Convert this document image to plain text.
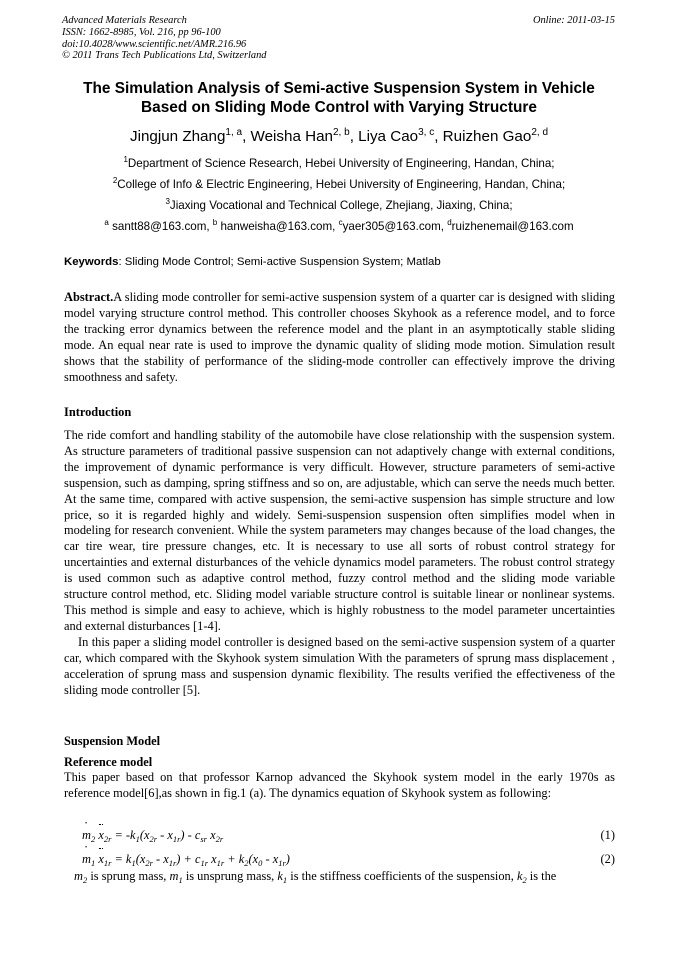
Advanced Materials Research
ISSN: 1662-8985, Vol. 216, pp 96-100
doi:10.4028/www.scientific.net/AMR.216.96
© 2011 Trans Tech Publications Ltd, Switzerland
Online: 2011-03-15
The Simulation Analysis of Semi-active Suspension System in Vehicle
Based on Sliding Mode Control with Varying Structure
Jingjun Zhang$^{1, a}$, Weisha Han$^{2, b}$, Liya Cao$^{3, c}$, Ruizhen Gao$^{2, d}$
$^1$Department of Science Research, Hebei University of Engineering, Handan, China;
$^2$College of Info & Electric Engineering, Hebei University of Engineering, Handan, China;
$^3$Jiaxing Vocational and Technical College, Zhejiang, Jiaxing, China;
$^a$ santt88@163.com, $^b$ hanweisha@163.com, $^c$yaer305@163.com, $^d$ruizhenemail@163.com
Keywords: Sliding Mode Control; Semi-active Suspension System; Matlab

Abstract.A sliding mode controller for semi-active suspension system of a quarter car is designed with sliding model varying structure control method. This controller chooses Skyhook as a reference model, and to force the tracking error dynamics between the reference model and the plant in an asymptotically stable sliding mode. An equal near rate is used to improve the dynamic quality of sliding mode motion. Simulation result shows that the stability of performance of the sliding-mode controller can effectively improve the driving smoothness and safety.

Introduction

The ride comfort and handling stability of the automobile have close relationship with the suspension system. As structure parameters of traditional passive suspension can not adaptively change with external conditions, the improvement of dynamic performance is very difficult. However, structure parameters of semi-active suspension, such as damping, spring stiffness and so on, are adjustable, which can serve the needs much better. At the same time, compared with active suspension, the semi-active suspension has simple structure and low price, so it is regarded highly and widely. Semi-suspension suspension often simplifies model when in modeling for research convenient. While the system parameters may changes because of the load changes, the car tire wear, tire pressure changes, etc. It is necessary to use all sorts of robust control strategy for uncertainties and external disturbances of the vehicle dynamics model parameters. The robust control strategy is used common such as adaptive control method, fuzzy control method and the sliding mode variable structure control method, etc. Sliding model variable structure control is suitable linear or nonlinear systems. This method is simple and easy to achieve, which is highly robustness to the model parameter uncertainties and external disturbances [1-4].

In this paper a sliding model controller is designed based on the semi-active suspension system of a quarter car, which compared with the Skyhook system simulation With the parameters of sprung mass displacement , acceleration of sprung mass and suspension dynamic flexibility. The results verified the effectiveness of the sliding mode controller [5].

Suspension Model
Reference model

This paper based on that professor Karnop advanced the Skyhook system model in the early 1970s as reference model[6],as shown in fig.1 (a). The dynamics equation of Skyhook system as following:

$m_2$ $x_{2r} = -k_1(x_{2r} - x_{1r}) - c_{sr} \cdot x_{2r}$	(1)
$m_1$ $x_{1r} = k_1(x_{2r} - x_{1r}) + c_{1r} \cdot x_{1r} + k_2(x_0 - x_{1r})$	(2)
$m_2$ is sprung mass, $m_1$ is unsprung mass, $k_1$ is the stiffness coefficients of the suspension, $k_2$ is the
